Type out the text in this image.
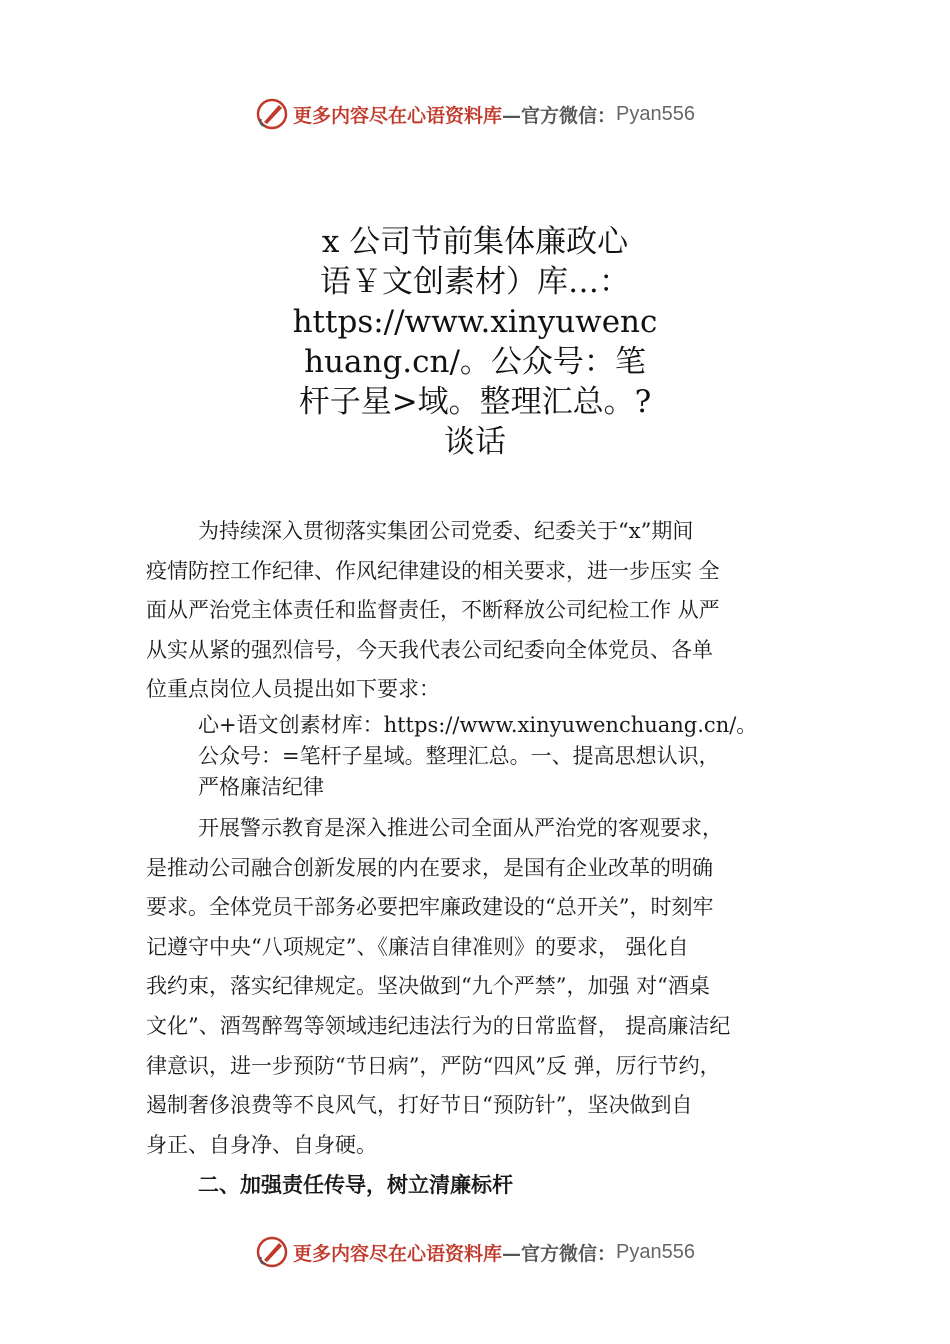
更多内容尽在心语资料库 —官方微信： Pyan556
x 公司节前集体廉政心
语￥文创素材）库…：
https://www.xinyuwenc
huang.cn/。公众号：笔
杆子星>域。整理汇总。?
谈话

为持续深入贯彻落实集团公司党委、纪委关于“x”期间

疫情防控工作纪律、作风纪律建设的相关要求，进一步压实 全

面从严治党主体责任和监督责任，不断释放公司纪检工作 从严

从实从紧的强烈信号，今天我代表公司纪委向全体党员、各单

位重点岗位人员提出如下要求：

心+语文创素材库：https://www.xinyuwenchuang.cn/。

公众号：=笔杆子星域。整理汇总。一、提高思想认识，

严格廉洁纪律

开展警示教育是深入推进公司全面从严治党的客观要求，

是推动公司融合创新发展的内在要求，是国有企业改革的明确

要求。全体党员干部务必要把牢廉政建设的“总开关”，时刻牢

记遵守中央“八项规定”、《廉洁自律准则》的要求， 强化自

我约束，落实纪律规定。坚决做到“九个严禁”，加强 对“酒桌

文化”、酒驾醉驾等领域违纪违法行为的日常监督， 提高廉洁纪

律意识，进一步预防“节日病”，严防“四风”反 弹，厉行节约，

遏制奢侈浪费等不良风气，打好节日“预防针”，坚决做到自

身正、自身净、自身硬。

二、加强责任传导，树立清廉标杆

更多内容尽在心语资料库 —官方微信： Pyan556
